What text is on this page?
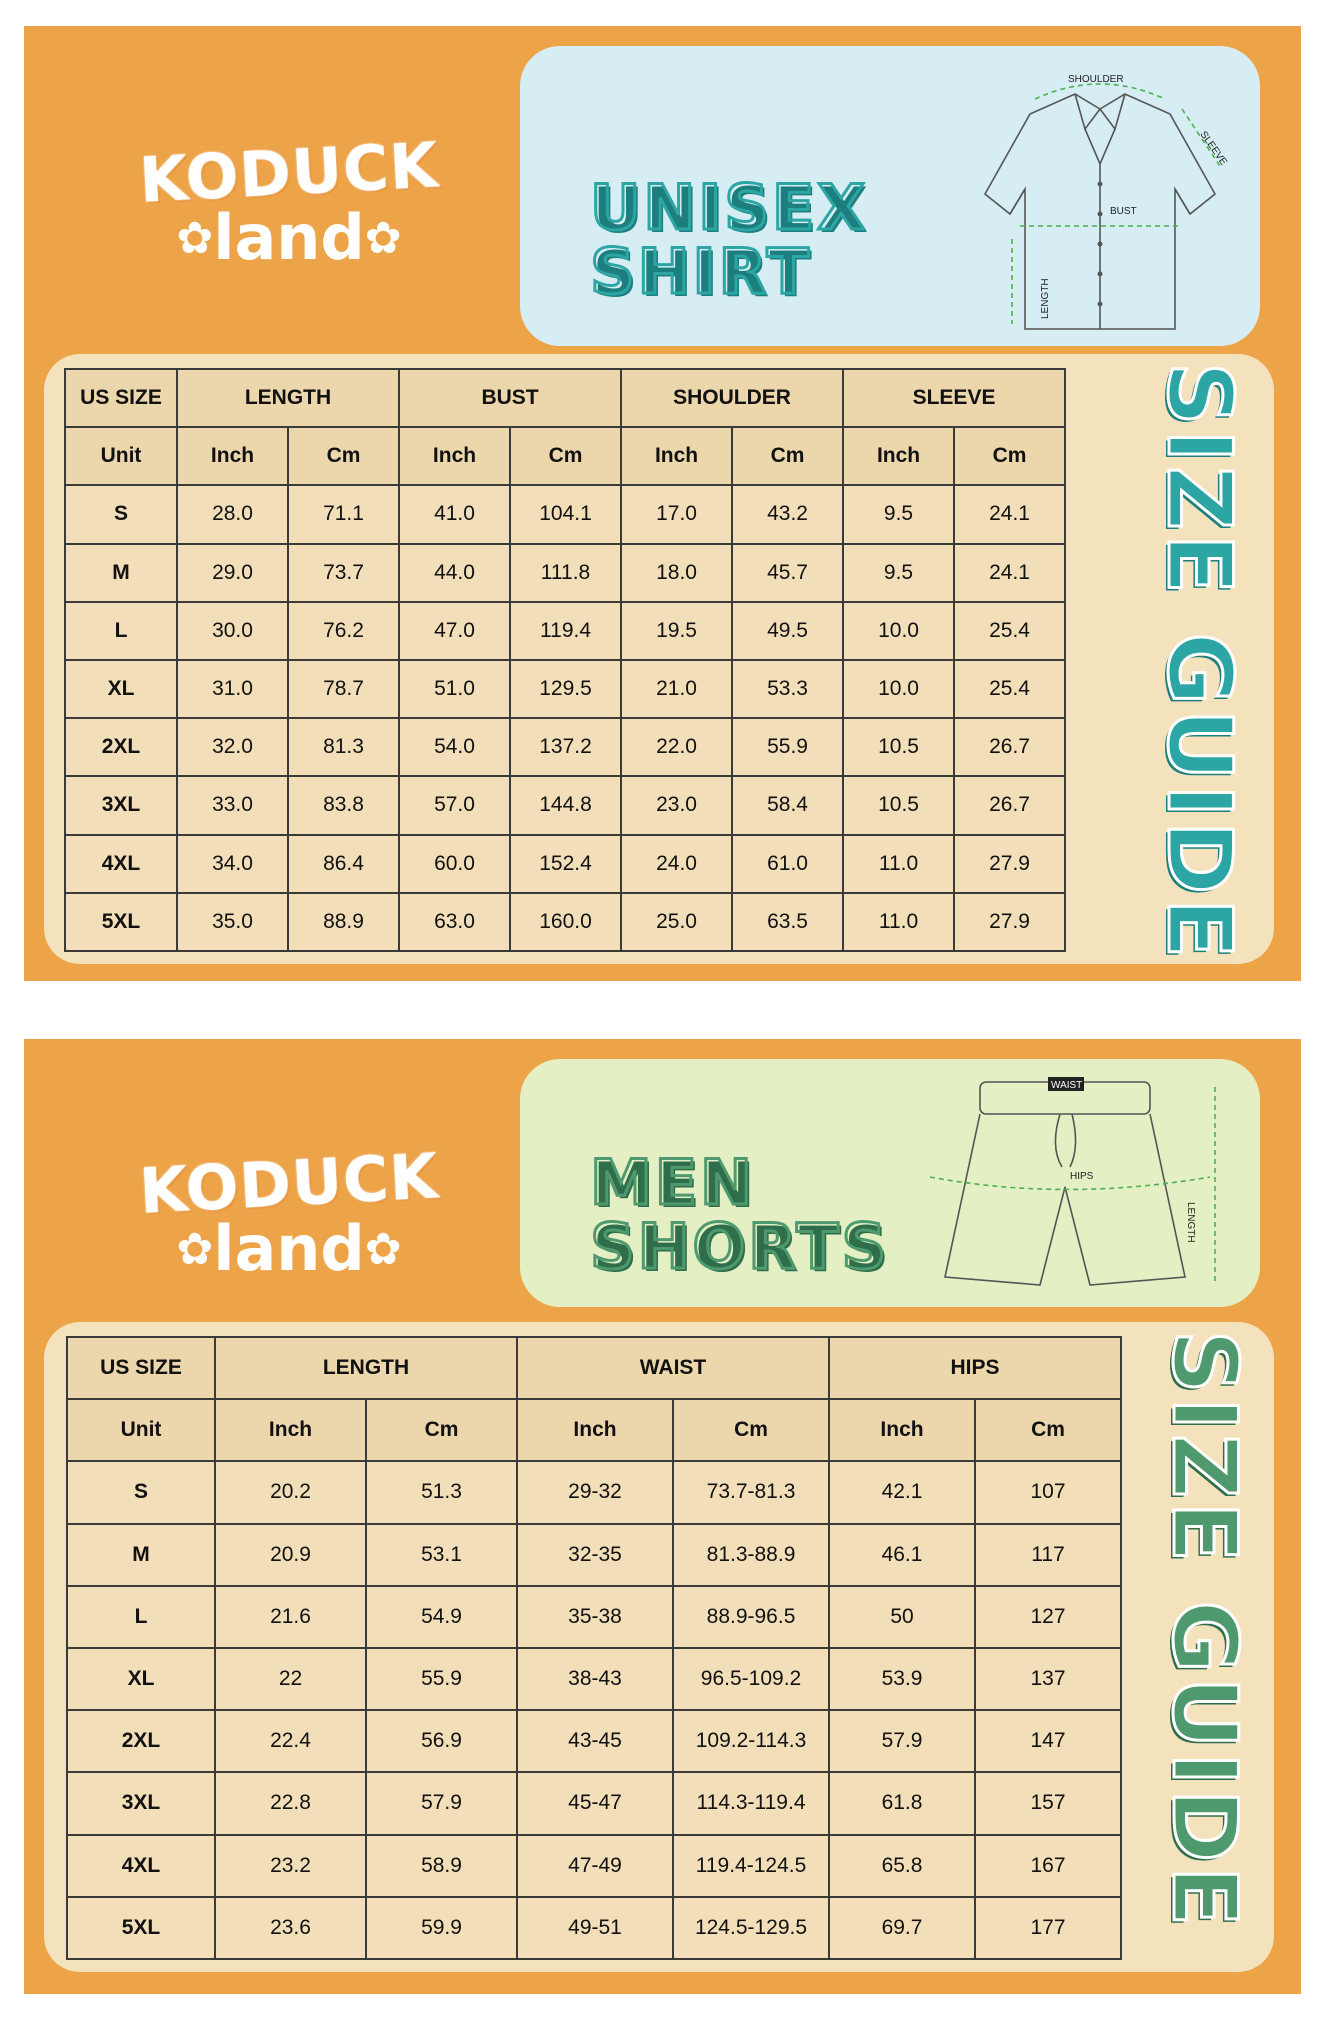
KODUCK
✿land✿	UNISEX
SHIRT
SHOULDER
SLEEVE
BUST
LENGTH
US SIZE	LENGTH		BUST		SHOULDER		SLEEVE	
Unit	Inch	Cm	Inch	Cm	Inch	Cm	Inch	Cm
S	28.0	71.1	41.0	104.1	17.0	43.2	9.5	24.1
M	29.0	73.7	44.0	111.8	18.0	45.7	9.5	24.1
L	30.0	76.2	47.0	119.4	19.5	49.5	10.0	25.4
XL	31.0	78.7	51.0	129.5	21.0	53.3	10.0	25.4
2XL	32.0	81.3	54.0	137.2	22.0	55.9	10.5	26.7
3XL	33.0	83.8	57.0	144.8	23.0	58.4	10.5	26.7
4XL	34.0	86.4	60.0	152.4	24.0	61.0	11.0	27.9
5XL	35.0	88.9	63.0	160.0	25.0	63.5	11.0	27.9 SIZE GUIDE
KODUCK
✿land✿
MEN
SHORTS
WAIST
HIPS
LENGTH
US SIZE	LENGTH		WAIST		HIPS	
Unit	Inch	Cm	Inch	Cm	Inch	Cm
S	20.2	51.3	29-32	73.7-81.3	42.1	107
M	20.9	53.1	32-35	81.3-88.9	46.1	117
L	21.6	54.9	35-38	88.9-96.5	50	127
XL	22	55.9	38-43	96.5-109.2	53.9	137
2XL	22.4	56.9	43-45	109.2-114.3	57.9	147
3XL	22.8	57.9	45-47	114.3-119.4	61.8	157
4XL	23.2	58.9	47-49	119.4-124.5	65.8	167
5XL	23.6	59.9	49-51	124.5-129.5	69.7	177 SIZE GUIDE
